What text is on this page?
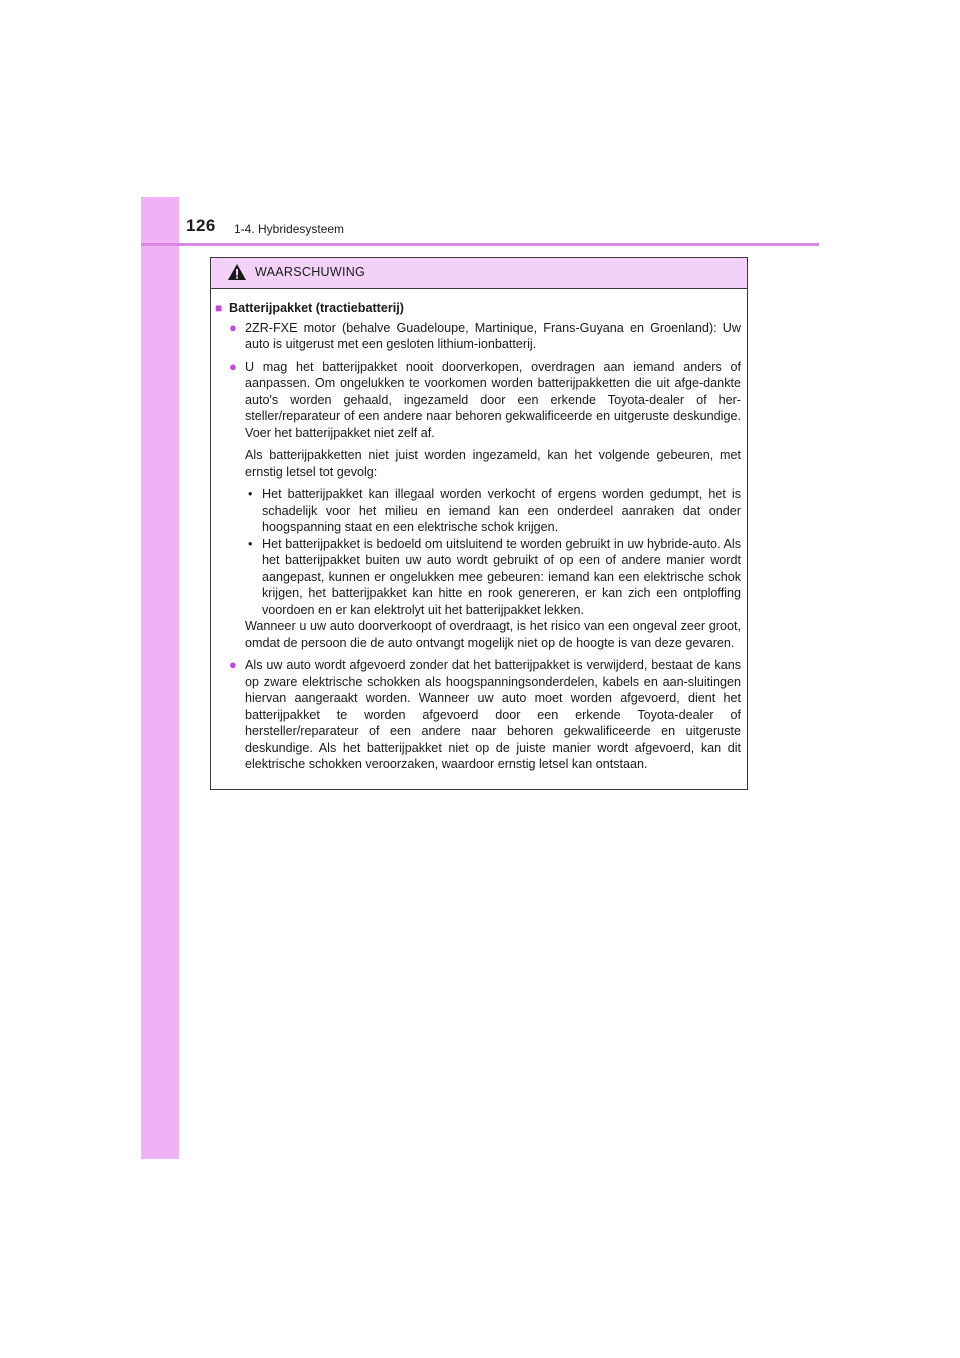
126 1-4. Hybridesysteem
WAARSCHUWING
■ Batterijpakket (tractiebatterij)
● 2ZR-FXE motor (behalve Guadeloupe, Martinique, Frans-Guyana en Groenland): Uw auto is uitgerust met een gesloten lithium-ionbatterij.
● U mag het batterijpakket nooit doorverkopen, overdragen aan iemand anders of aanpassen. Om ongelukken te voorkomen worden batterijpakketten die uit afge-dankte auto's worden gehaald, ingezameld door een erkende Toyota-dealer of her-steller/reparateur of een andere naar behoren gekwalificeerde en uitgeruste deskundige. Voer het batterijpakket niet zelf af.
Als batterijpakketten niet juist worden ingezameld, kan het volgende gebeuren, met ernstig letsel tot gevolg:
• Het batterijpakket kan illegaal worden verkocht of ergens worden gedumpt, het is schadelijk voor het milieu en iemand kan een onderdeel aanraken dat onder hoogspanning staat en een elektrische schok krijgen.
• Het batterijpakket is bedoeld om uitsluitend te worden gebruikt in uw hybride-auto. Als het batterijpakket buiten uw auto wordt gebruikt of op een of andere manier wordt aangepast, kunnen er ongelukken mee gebeuren: iemand kan een elektrische schok krijgen, het batterijpakket kan hitte en rook genereren, er kan zich een ontploffing voordoen en er kan elektrolyt uit het batterijpakket lekken.
Wanneer u uw auto doorverkoopt of overdraagt, is het risico van een ongeval zeer groot, omdat de persoon die de auto ontvangt mogelijk niet op de hoogte is van deze gevaren.
● Als uw auto wordt afgevoerd zonder dat het batterijpakket is verwijderd, bestaat de kans op zware elektrische schokken als hoogspanningsonderdelen, kabels en aan-sluitingen hiervan aangeraakt worden. Wanneer uw auto moet worden afgevoerd, dient het batterijpakket te worden afgevoerd door een erkende Toyota-dealer of hersteller/reparateur of een andere naar behoren gekwalificeerde en uitgeruste deskundige. Als het batterijpakket niet op de juiste manier wordt afgevoerd, kan dit elektrische schokken veroorzaken, waardoor ernstig letsel kan ontstaan.
